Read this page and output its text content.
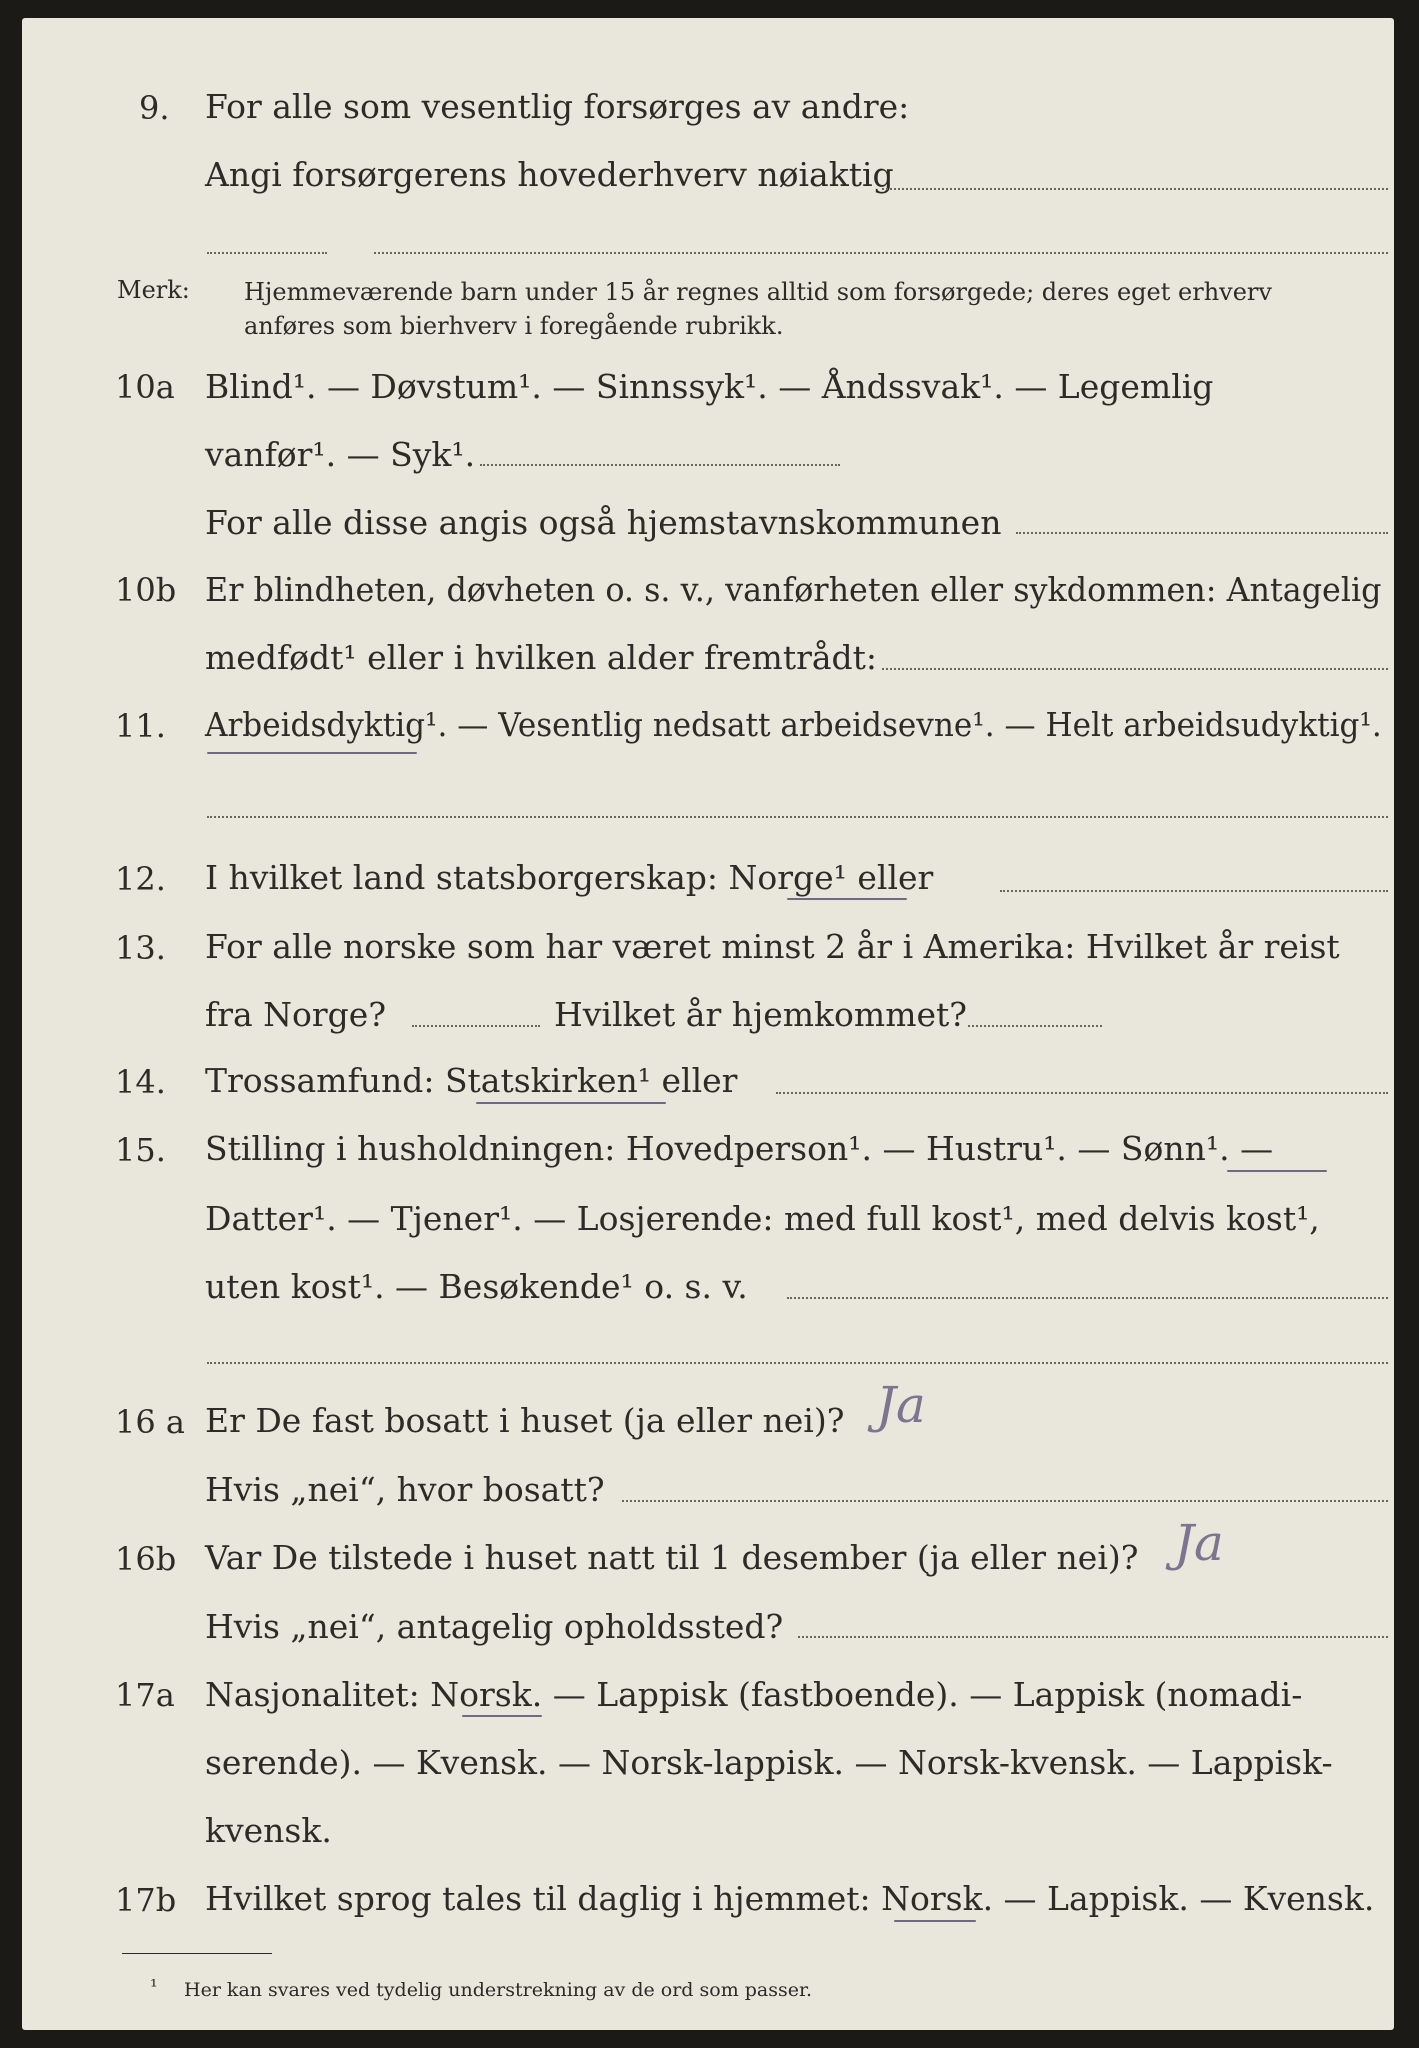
9. For alle som vesentlig forsørges av andre:
Angi forsørgerens hovederhverv nøiaktig
Merk: Hjemmeværende barn under 15 år regnes alltid som forsørgede; deres eget erhverv
anføres som bierhverv i foregående rubrikk.
10a Blind¹. — Døvstum¹. — Sinnssyk¹. — Åndssvak¹. — Legemlig
vanfør¹. — Syk¹.
For alle disse angis også hjemstavnskommunen
10b Er blindheten, døvheten o. s. v., vanførheten eller sykdommen: Antagelig
medfødt¹ eller i hvilken alder fremtrådt:
11. Arbeidsdyktig¹. — Vesentlig nedsatt arbeidsevne¹. — Helt arbeidsudyktig¹.
12. I hvilket land statsborgerskap: Norge¹ eller
13. For alle norske som har været minst 2 år i Amerika: Hvilket år reist
fra Norge?	Hvilket år hjemkommet?
14. Trossamfund: Statskirken¹ eller
15. Stilling i husholdningen: Hovedperson¹. — Hustru¹. — Sønn¹. —
Datter¹. — Tjener¹. — Losjerende: med full kost¹, med delvis kost¹,
uten kost¹. — Besøkende¹ o. s. v.
16 a Er De fast bosatt i huset (ja eller nei)? Ja
Hvis „nei“, hvor bosatt?
16b Var De tilstede i huset natt til 1 desember (ja eller nei)? Ja
Hvis „nei“, antagelig opholdssted?
17a Nasjonalitet: Norsk. — Lappisk (fastboende). — Lappisk (nomadi-
serende). — Kvensk. — Norsk-lappisk. — Norsk-kvensk. — Lappisk-
kvensk.
17b Hvilket sprog tales til daglig i hjemmet: Norsk. — Lappisk. — Kvensk.
¹ Her kan svares ved tydelig understrekning av de ord som passer.
